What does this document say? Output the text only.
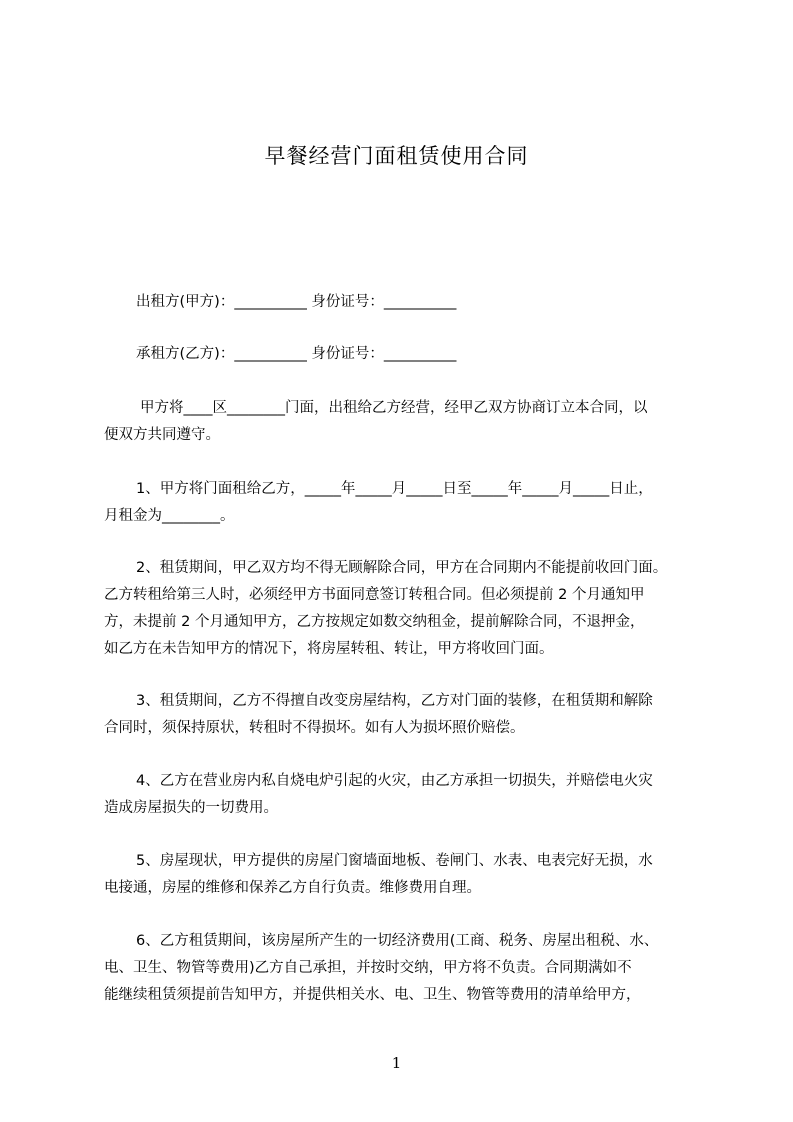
早餐经营门面租赁使用合同
出租方(甲方)：__________ 身份证号：__________
承租方(乙方)：__________ 身份证号：__________
甲方将____区________门面，出租给乙方经营，经甲乙双方协商订立本合同，以
便双方共同遵守。
1、甲方将门面租给乙方，_____年_____月_____日至_____年_____月_____日止，
月租金为________。
2、租赁期间，甲乙双方均不得无顾解除合同，甲方在合同期内不能提前收回门面。
乙方转租给第三人时，必须经甲方书面同意签订转租合同。但必须提前 2 个月通知甲
方，未提前 2 个月通知甲方，乙方按规定如数交纳租金，提前解除合同，不退押金，
如乙方在未告知甲方的情况下，将房屋转租、转让，甲方将收回门面。
3、租赁期间，乙方不得擅自改变房屋结构，乙方对门面的装修，在租赁期和解除
合同时，须保持原状，转租时不得损坏。如有人为损坏照价赔偿。
4、乙方在营业房内私自烧电炉引起的火灾，由乙方承担一切损失，并赔偿电火灾
造成房屋损失的一切费用。
5、房屋现状，甲方提供的房屋门窗墙面地板、卷闸门、水表、电表完好无损，水
电接通，房屋的维修和保养乙方自行负责。维修费用自理。
6、乙方租赁期间，该房屋所产生的一切经济费用(工商、税务、房屋出租税、水、
电、卫生、物管等费用)乙方自己承担，并按时交纳，甲方将不负责。合同期满如不
能继续租赁须提前告知甲方，并提供相关水、电、卫生、物管等费用的清单给甲方，
1
